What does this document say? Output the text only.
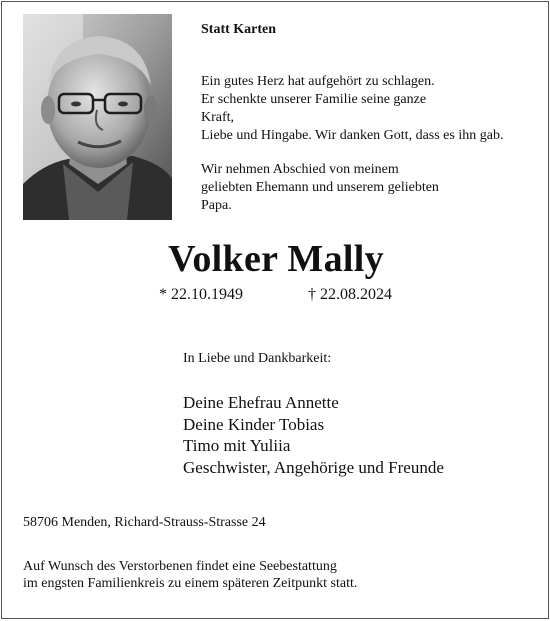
Statt Karten
Ein gutes Herz hat aufgehört zu schlagen.
Er schenkte unserer Familie seine ganze
Kraft,
Liebe und Hingabe. Wir danken Gott, dass es ihn gab.
Wir nehmen Abschied von meinem
geliebten Ehemann und unserem geliebten
Papa.
Volker Mally
* 22.10.1949	† 22.08.2024
In Liebe und Dankbarkeit:
Deine Ehefrau Annette
Deine Kinder Tobias
Timo mit Yuliia
Geschwister, Angehörige und Freunde
58706 Menden, Richard-Strauss-Strasse 24
Auf Wunsch des Verstorbenen findet eine Seebestattung
im engsten Familienkreis zu einem späteren Zeitpunkt statt.
